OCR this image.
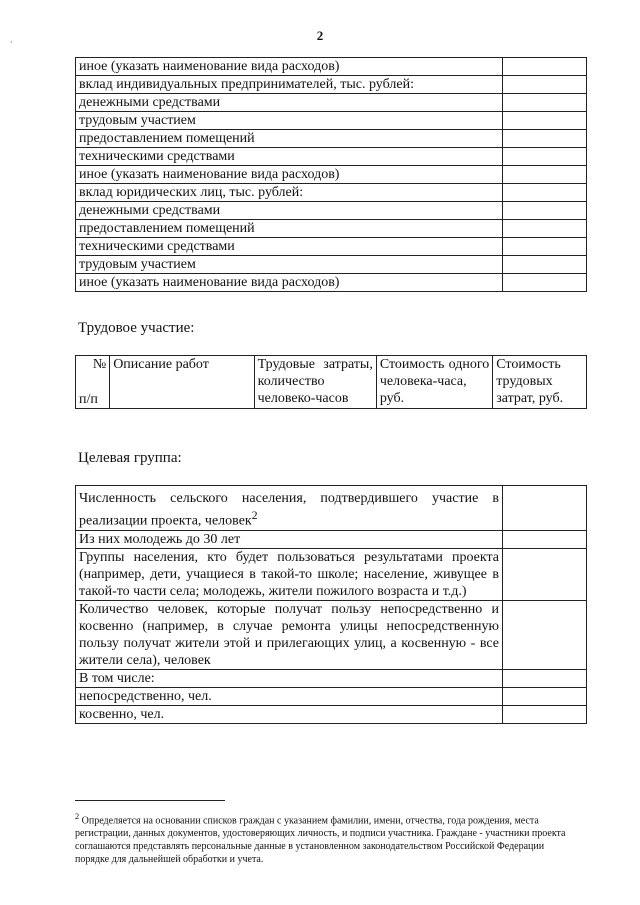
2
`
иное (указать наименование вида расходов)	
вклад индивидуальных предпринимателей, тыс. рублей:	
денежными средствами	
трудовым участием	
предоставлением помещений	
техническими средствами	
иное (указать наименование вида расходов)	
вклад юридических лиц, тыс. рублей:	
денежными средствами	
предоставлением помещений	
техническими средствами	
трудовым участием	
иное (указать наименование вида расходов)	
Трудовое участие:
№
п/п
	Описание работ	Трудовые затраты, количество человеко-часов	Стоимость одного человека-часа, руб.	Стоимость трудовых затрат, руб.
Целевая группа:
Численность сельского населения, подтвердившего участие в реализации проекта, человек$^2$	
Из них молодежь до 30 лет	
Группы населения, кто будет пользоваться результатами проекта (например, дети, учащиеся в такой-то школе; население, живущее в такой-то части села; молодежь, жители пожилого возраста и т.д.)	
Количество человек, которые получат пользу непосредственно и косвенно (например, в случае ремонта улицы непосредственную пользу получат жители этой и прилегающих улиц, а косвенную - все жители села), человек	
В том числе:	
непосредственно, чел.	
косвенно, чел.	
$^2$ Определяется на основании списков граждан с указанием фамилии, имени, отчества, года рождения, места регистрации, данных документов, удостоверяющих личность, и подписи участника. Граждане - участники проекта соглашаются представлять персональные данные в установленном законодательством Российской Федерации порядке для дальнейшей обработки и учета.
